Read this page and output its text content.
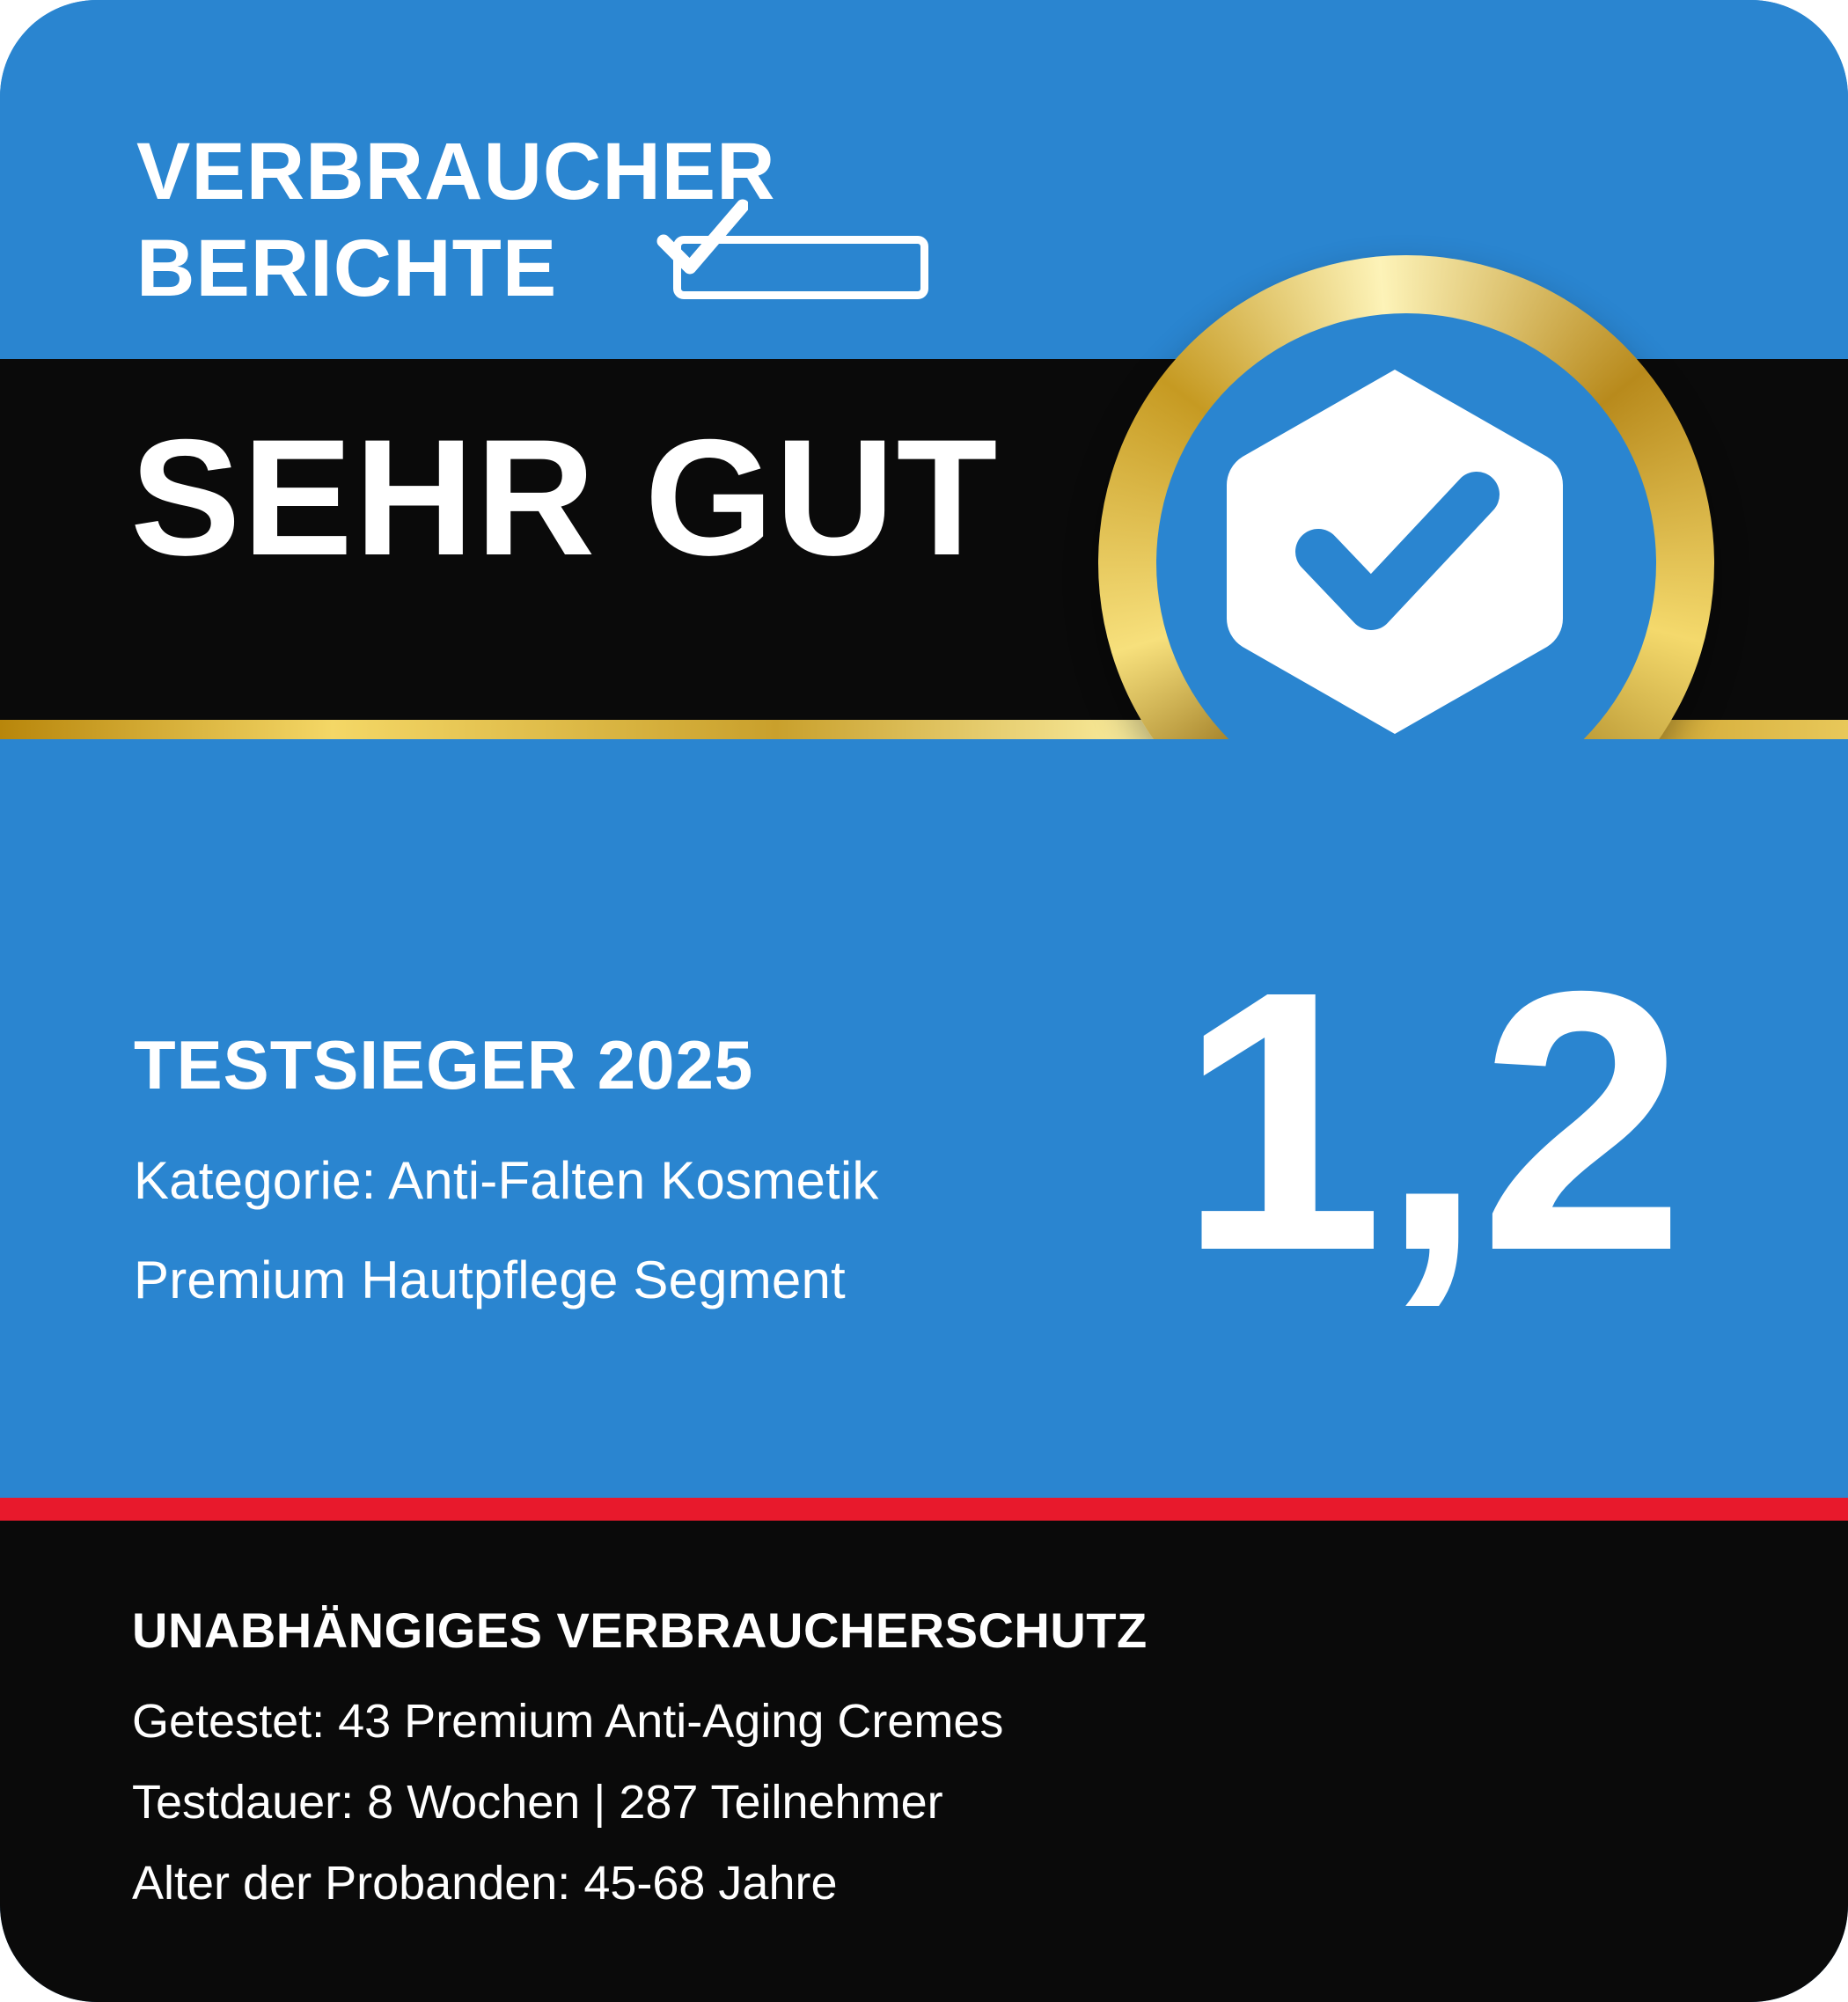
VERBRAUCHER
BERICHTE
SEHR GUT
TESTSIEGER 2025
Kategorie: Anti-Falten Kosmetik
Premium Hautpflege Segment 1,2
UNABHÄNGIGES VERBRAUCHERSCHUTZ
Getestet: 43 Premium Anti-Aging Cremes
Testdauer: 8 Wochen | 287 Teilnehmer
Alter der Probanden: 45-68 Jahre
